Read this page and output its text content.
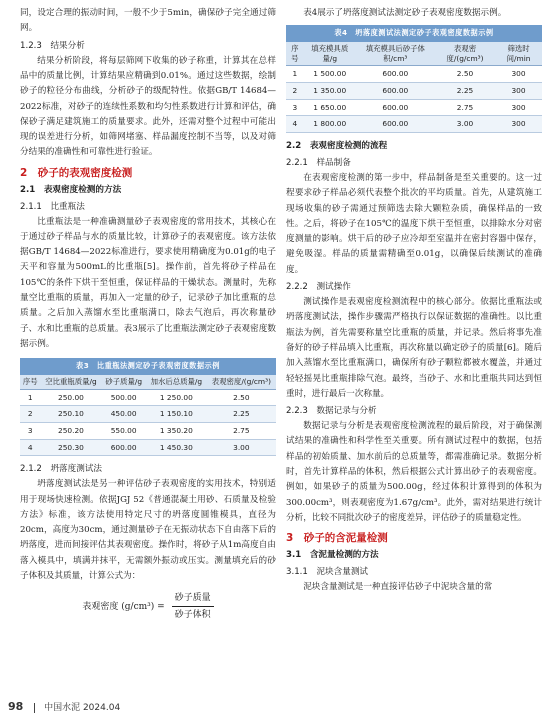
同，设定合理的振动时间，一般不少于5min，确保砂子完全通过筛网。

1.2.3　结果分析

结果分析阶段，将每层筛网下收集的砂子称重，计算其在总样品中的质量比例，计算结果应精确到0.01%。通过这些数据，绘制砂子的粒径分布曲线，分析砂子的级配特性。依据GB/T 14684—2022标准，对砂子的连续性系数和均匀性系数进行计算和评估，确保砂子满足建筑施工的质量要求。此外，还需对整个过程中可能出现的误差进行分析，如筛网堵塞、样品漏度控制不当等，以及对筛分结果的准确性和可靠性进行验证。

2　砂子的表观密度检测
2.1　表观密度检测的方法
2.1.1　比重瓶法

比重瓶法是一种准确测量砂子表观密度的常用技术，其核心在于通过砂子样品与水的质量比较，计算砂子的表观密度。该方法依据GB/T 14684—2022标准进行，要求使用精确度为0.01g的电子天平和容量为500mL的比重瓶[5]。操作前，首先将砂子样品在105℃的条件下烘干至恒重，保证样品的干燥状态。测量时，先称量空比重瓶的质量，再加入一定量的砂子，记录砂子加比重瓶的总质量。之后加入蒸馏水至比重瓶满口，除去气泡后，再次称量砂子、水和比重瓶的总质量。表3展示了比重瓶法测定砂子表观密度数据示例。

表3　比重瓶法测定砂子表观密度数据示例
序号	空比重瓶质量/g	砂子质量/g	加水后总质量/g	表观密度/(g/cm³)
1	250.00	500.00	1 250.00	2.50
2	250.10	450.00	1 150.10	2.25
3	250.20	550.00	1 350.20	2.75
4	250.30	600.00	1 450.30	3.00
2.1.2　坍落度测试法

坍落度测试法是另一种评估砂子表观密度的实用技术，特别适用于现场快速检测。依据JGJ 52《普通混凝土用砂、石质量及检验方法》标准，该方法使用特定尺寸的坍落度圆锥模具，直径为20cm，高度为30cm，通过测量砂子在无振动状态下自由落下后的坍落度，进而间接评估其表观密度。操作时，将砂子从1m高度自由落入模具中，填满并抹平，无需额外振动或压实。测量填充后的砂子体积及其质量，计算公式为：

表观密度 $(g/cm^3) = \frac{\text{砂子质量}}{\text{砂子体积}}$

表4展示了坍落度测试法测定砂子表观密度数据示例。

表4　坍落度测试法测定砂子表观密度数据示例
序号	填充模具质量/g	填充模具后砂子体积/cm³	表观密度/(g/cm³)	筛选时间/min
1	1 500.00	600.00	2.50	300
2	1 350.00	600.00	2.25	300
3	1 650.00	600.00	2.75	300
4	1 800.00	600.00	3.00	300
2.2　表观密度检测的流程
2.2.1　样品制备

在表观密度检测的第一步中，样品制备是至关重要的。这一过程要求砂子样品必须代表整个批次的平均质量。首先，从建筑施工现场收集的砂子需通过预筛选去除大颗粒杂质，确保样品的一致性。之后，将砂子在105℃的温度下烘干至恒重，以排除水分对密度测量的影响。烘干后的砂子应冷却至室温并在密封容器中保存，避免吸湿。样品的质量需精确至0.01g，以确保后续测试的准确度。

2.2.2　测试操作

测试操作是表观密度检测流程中的核心部分。依据比重瓶法或坍落度测试法，操作步骤需严格执行以保证数据的准确性。以比重瓶法为例，首先需要称量空比重瓶的质量，并记录。然后将事先准备好的砂子样品填入比重瓶，再次称量以确定砂子的质量[6]。随后加入蒸馏水至比重瓶满口，确保所有砂子颗粒都被水覆盖，并通过轻轻摇晃比重瓶排除气泡。最终，当砂子、水和比重瓶共同达到恒重时，进行最后一次称量。

2.2.3　数据记录与分析

数据记录与分析是表观密度检测流程的最后阶段，对于确保测试结果的准确性和科学性至关重要。所有测试过程中的数据，包括样品的初始质量、加水前后的总质量等，都需准确记录。数据分析时，首先计算样品的体积，然后根据公式计算出砂子的表观密度。例如，如果砂子的质量为500.00g，经过体积计算得到的体积为300.00cm³，则表观密度为1.67g/cm³。此外，需对结果进行统计分析，比较不同批次砂子的密度差异，评估砂子的质量稳定性。

3　砂子的含泥量检测
3.1　含泥量检测的方法
3.1.1　泥块含量测试

泥块含量测试是一种直接评估砂子中泥块含量的常

98 中国水泥 2024.04
